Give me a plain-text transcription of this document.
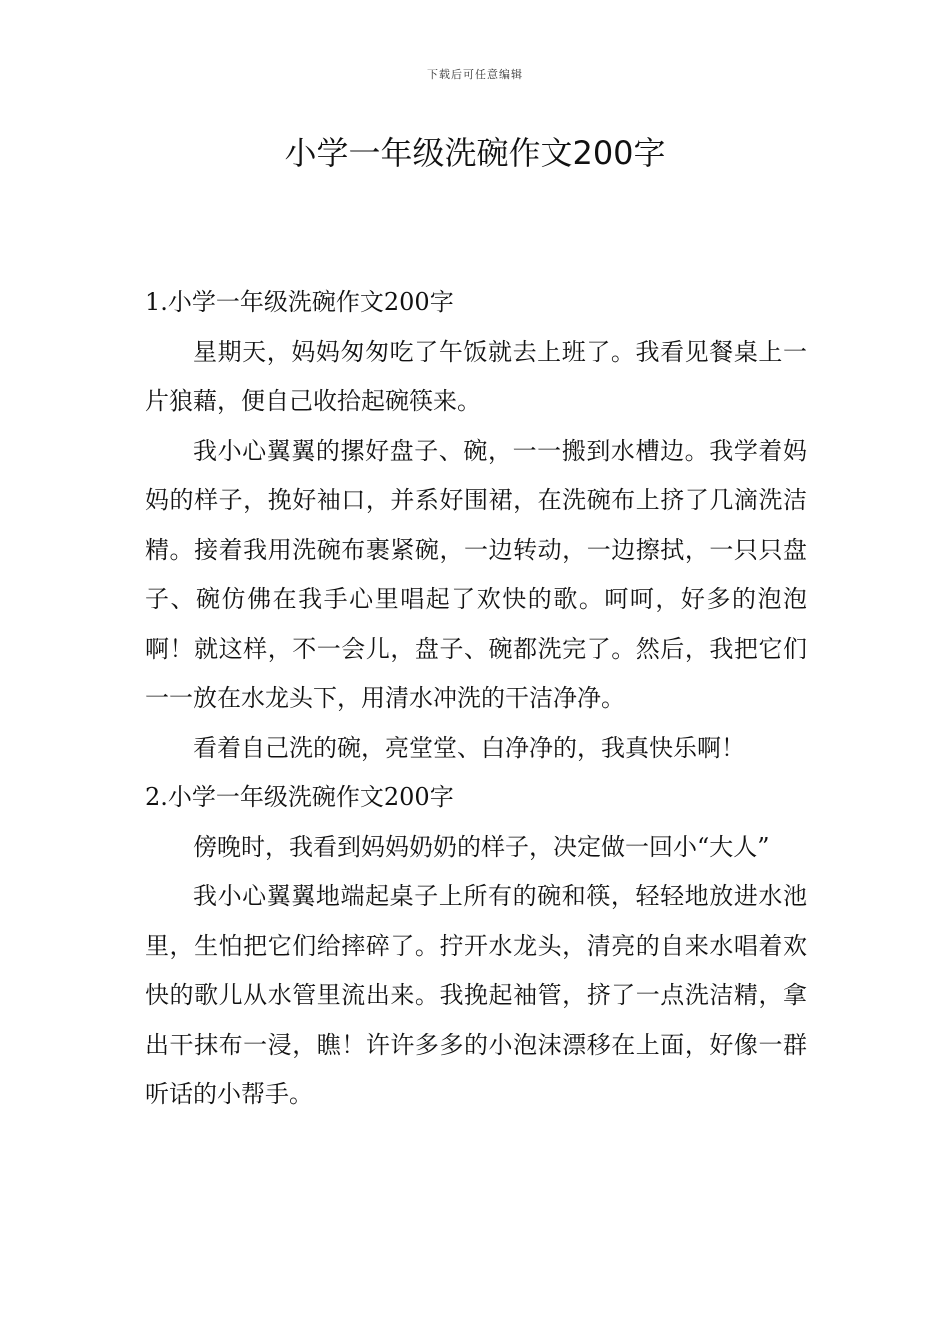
下载后可任意编辑
小学一年级洗碗作文200字

1.小学一年级洗碗作文200字

星期天，妈妈匆匆吃了午饭就去上班了。我看见餐桌上一片狼藉，便自己收拾起碗筷来。

我小心翼翼的摞好盘子、碗，一一搬到水槽边。我学着妈妈的样子，挽好袖口，并系好围裙，在洗碗布上挤了几滴洗洁精。接着我用洗碗布裹紧碗，一边转动，一边擦拭，一只只盘子、碗仿佛在我手心里唱起了欢快的歌。呵呵，好多的泡泡啊！就这样，不一会儿，盘子、碗都洗完了。然后，我把它们一一放在水龙头下，用清水冲洗的干洁净净。

看着自己洗的碗，亮堂堂、白净净的，我真快乐啊！

2.小学一年级洗碗作文200字

傍晚时，我看到妈妈奶奶的样子，决定做一回小“大人”

我小心翼翼地端起桌子上所有的碗和筷，轻轻地放进水池里，生怕把它们给摔碎了。拧开水龙头，清亮的自来水唱着欢快的歌儿从水管里流出来。我挽起袖管，挤了一点洗洁精，拿出干抹布一浸，瞧！许许多多的小泡沫漂移在上面，好像一群听话的小帮手。
